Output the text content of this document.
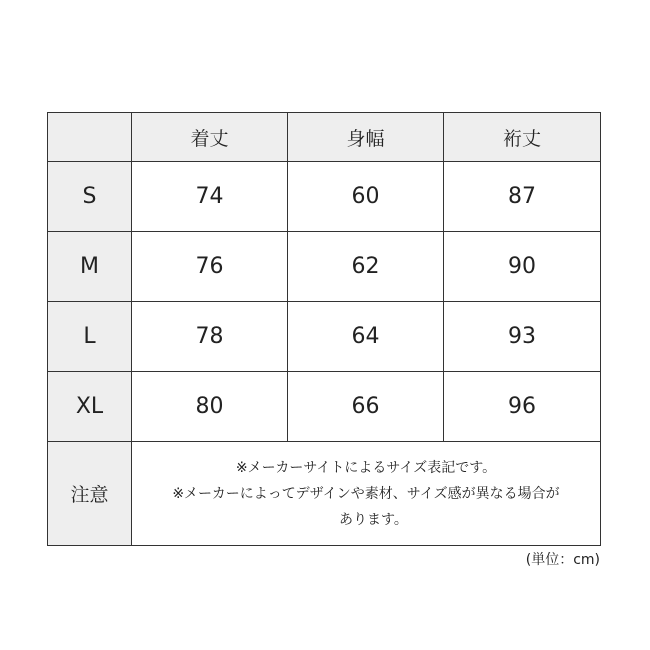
	着丈	身幅	裄丈
S	74	60	87
M	76	62	90
L	78	64	93
XL	80	66	96
注意	※メーカーサイトによるサイズ表記です。
※メーカーによってデザインや素材、サイズ感が異なる場合が
あります。		
(単位：cm)
